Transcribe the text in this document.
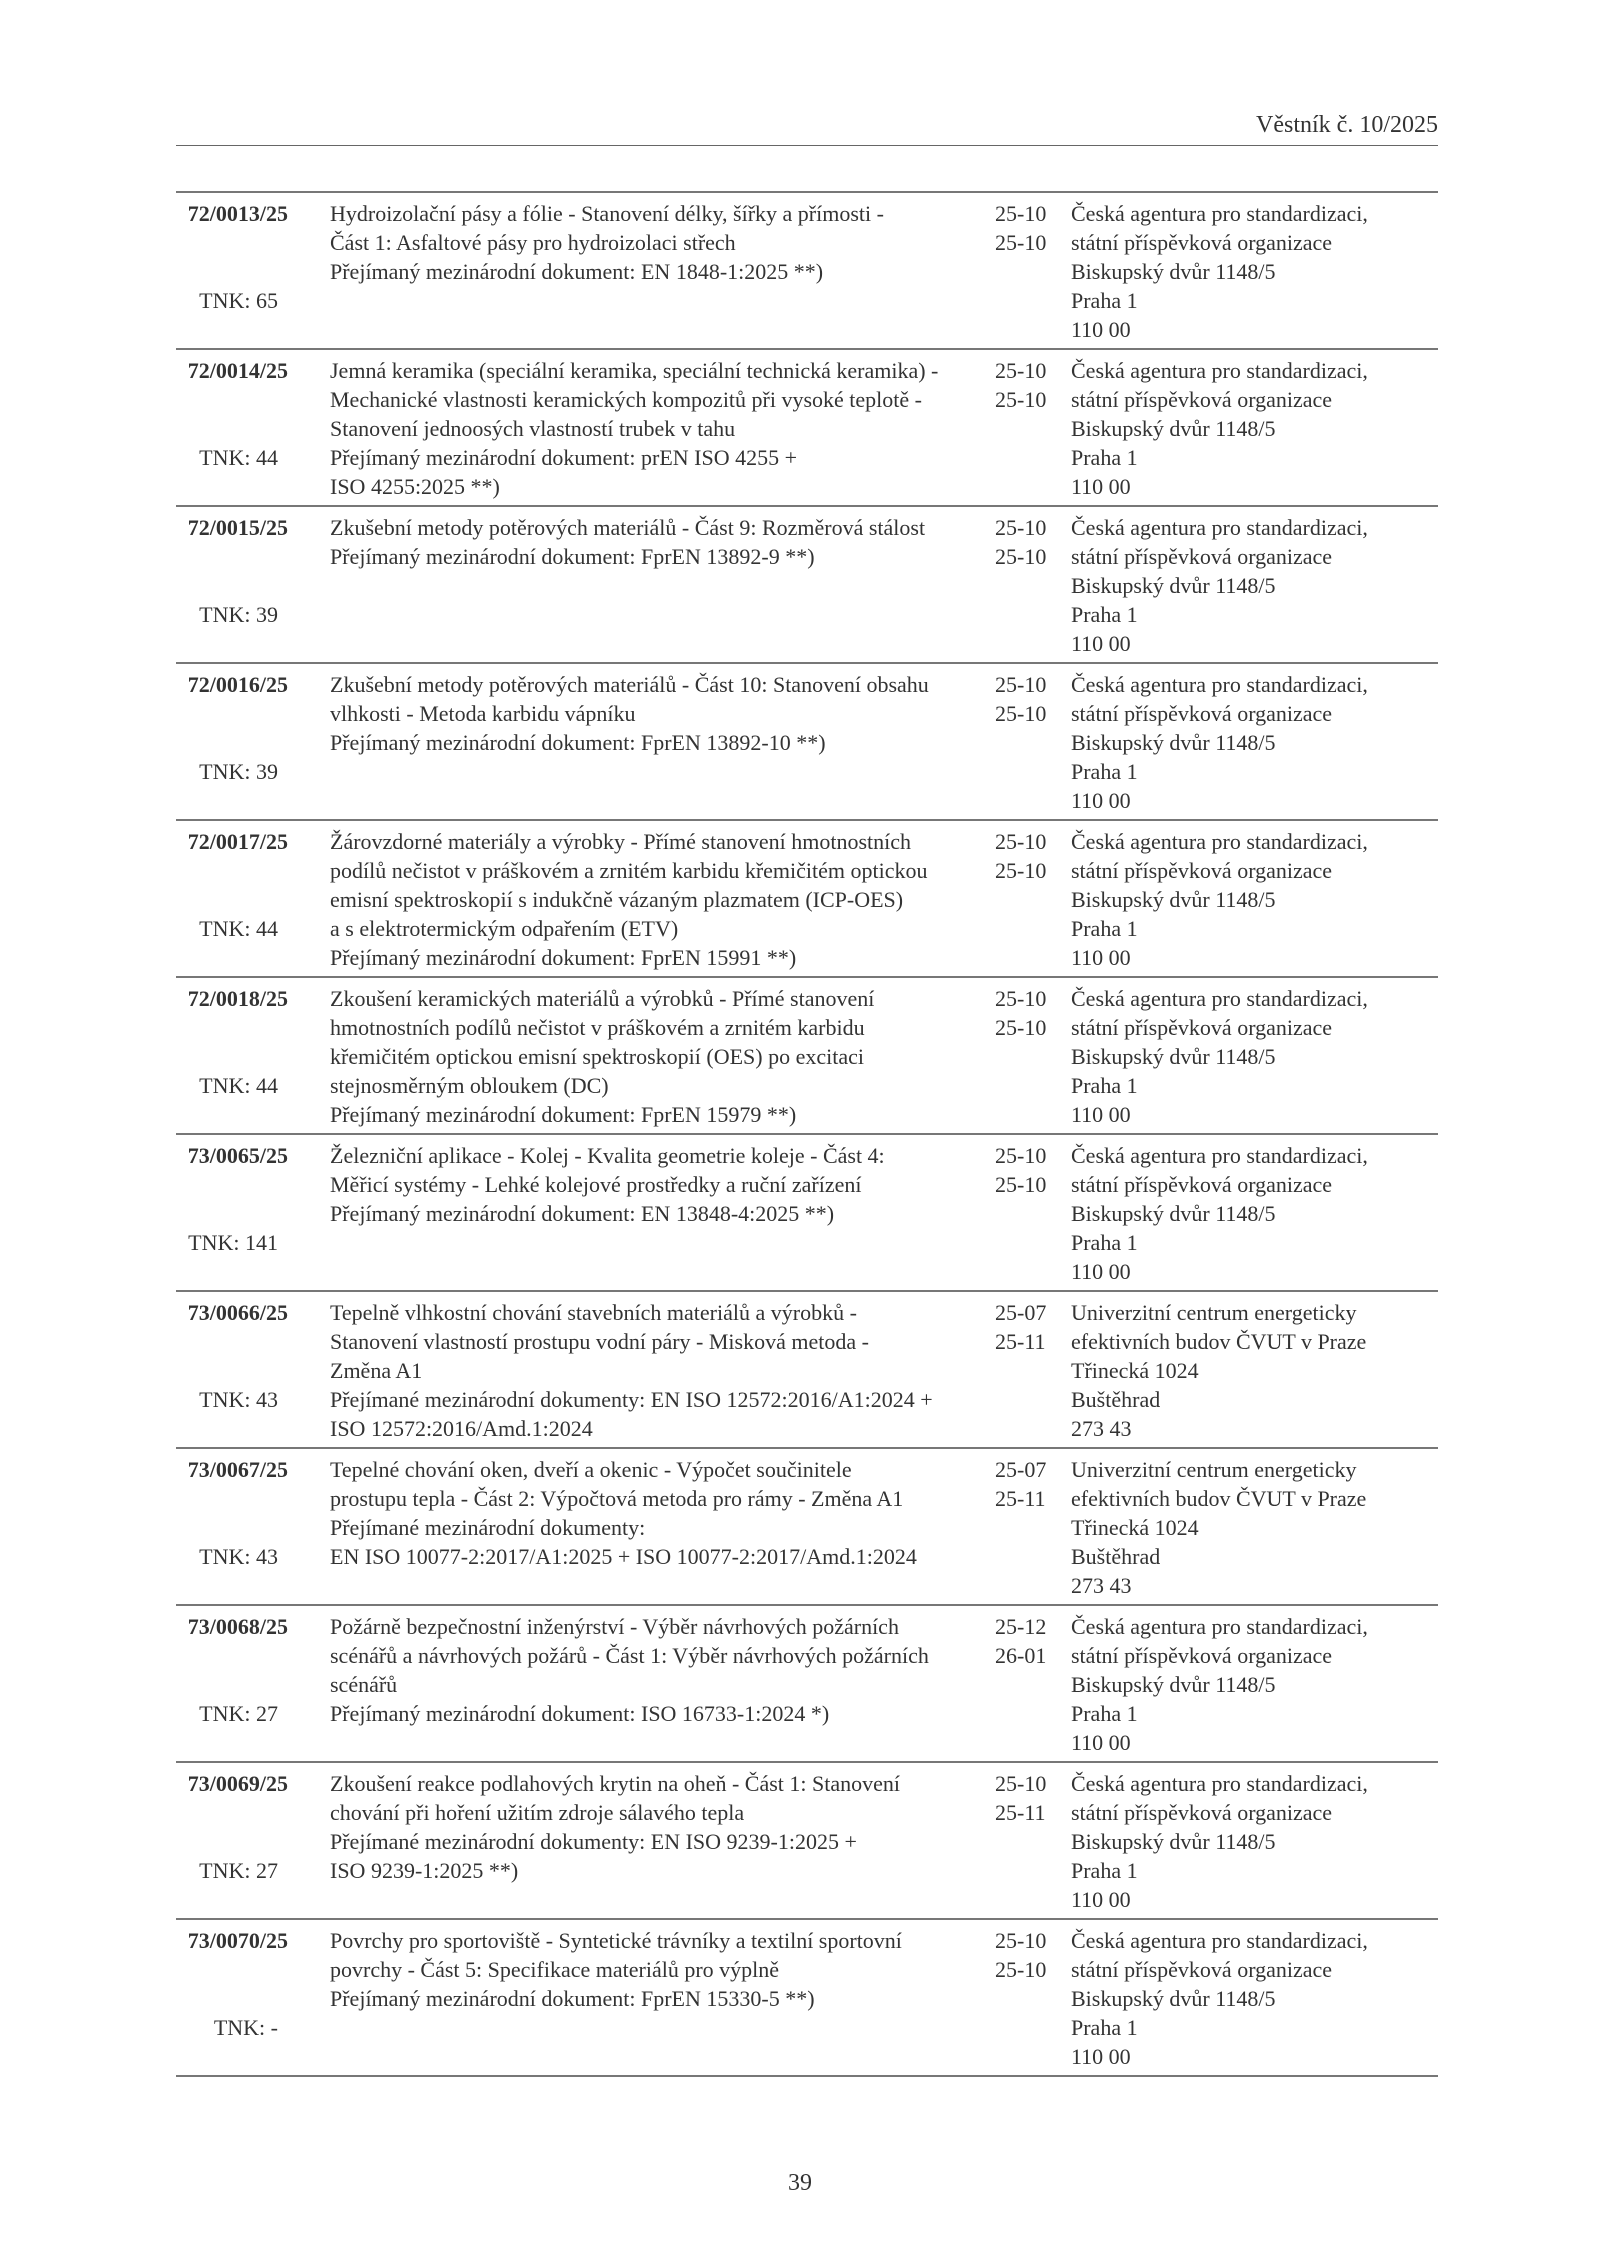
Věstník č. 10/2025
72/0013/25
TNK: 65
Hydroizolační pásy a fólie - Stanovení délky, šířky a přímosti -
Část 1: Asfaltové pásy pro hydroizolaci střech
Přejímaný mezinárodní dokument: EN 1848-1:2025 **)
25-10
25-10
Česká agentura pro standardizaci,
státní příspěvková organizace
Biskupský dvůr 1148/5
Praha 1
110 00
72/0014/25
TNK: 44
Jemná keramika (speciální keramika, speciální technická keramika) -
Mechanické vlastnosti keramických kompozitů při vysoké teplotě -
Stanovení jednoosých vlastností trubek v tahu
Přejímaný mezinárodní dokument: prEN ISO 4255 +
ISO 4255:2025 **)
25-10
25-10
Česká agentura pro standardizaci,
státní příspěvková organizace
Biskupský dvůr 1148/5
Praha 1
110 00
72/0015/25
TNK: 39
Zkušební metody potěrových materiálů - Část 9: Rozměrová stálost
Přejímaný mezinárodní dokument: FprEN 13892-9 **)
25-10
25-10
Česká agentura pro standardizaci,
státní příspěvková organizace
Biskupský dvůr 1148/5
Praha 1
110 00
72/0016/25
TNK: 39
Zkušební metody potěrových materiálů - Část 10: Stanovení obsahu
vlhkosti - Metoda karbidu vápníku
Přejímaný mezinárodní dokument: FprEN 13892-10 **)
25-10
25-10
Česká agentura pro standardizaci,
státní příspěvková organizace
Biskupský dvůr 1148/5
Praha 1
110 00
72/0017/25
TNK: 44
Žárovzdorné materiály a výrobky - Přímé stanovení hmotnostních
podílů nečistot v práškovém a zrnitém karbidu křemičitém optickou
emisní spektroskopií s indukčně vázaným plazmatem (ICP-OES)
a s elektrotermickým odpařením (ETV)
Přejímaný mezinárodní dokument: FprEN 15991 **)
25-10
25-10
Česká agentura pro standardizaci,
státní příspěvková organizace
Biskupský dvůr 1148/5
Praha 1
110 00
72/0018/25
TNK: 44
Zkoušení keramických materiálů a výrobků - Přímé stanovení
hmotnostních podílů nečistot v práškovém a zrnitém karbidu
křemičitém optickou emisní spektroskopií (OES) po excitaci
stejnosměrným obloukem (DC)
Přejímaný mezinárodní dokument: FprEN 15979 **)
25-10
25-10
Česká agentura pro standardizaci,
státní příspěvková organizace
Biskupský dvůr 1148/5
Praha 1
110 00
73/0065/25
TNK: 141
Železniční aplikace - Kolej - Kvalita geometrie koleje - Část 4:
Měřicí systémy - Lehké kolejové prostředky a ruční zařízení
Přejímaný mezinárodní dokument: EN 13848-4:2025 **)
25-10
25-10
Česká agentura pro standardizaci,
státní příspěvková organizace
Biskupský dvůr 1148/5
Praha 1
110 00
73/0066/25
TNK: 43
Tepelně vlhkostní chování stavebních materiálů a výrobků -
Stanovení vlastností prostupu vodní páry - Misková metoda -
Změna A1
Přejímané mezinárodní dokumenty: EN ISO 12572:2016/A1:2024 +
ISO 12572:2016/Amd.1:2024
25-07
25-11
Univerzitní centrum energeticky
efektivních budov ČVUT v Praze
Třinecká 1024
Buštěhrad
273 43
73/0067/25
TNK: 43
Tepelné chování oken, dveří a okenic - Výpočet součinitele
prostupu tepla - Část 2: Výpočtová metoda pro rámy - Změna A1
Přejímané mezinárodní dokumenty:
EN ISO 10077-2:2017/A1:2025 + ISO 10077-2:2017/Amd.1:2024
25-07
25-11
Univerzitní centrum energeticky
efektivních budov ČVUT v Praze
Třinecká 1024
Buštěhrad
273 43
73/0068/25
TNK: 27
Požárně bezpečnostní inženýrství - Výběr návrhových požárních
scénářů a návrhových požárů - Část 1: Výběr návrhových požárních
scénářů
Přejímaný mezinárodní dokument: ISO 16733-1:2024 *)
25-12
26-01
Česká agentura pro standardizaci,
státní příspěvková organizace
Biskupský dvůr 1148/5
Praha 1
110 00
73/0069/25
TNK: 27
Zkoušení reakce podlahových krytin na oheň - Část 1: Stanovení
chování při hoření užitím zdroje sálavého tepla
Přejímané mezinárodní dokumenty: EN ISO 9239-1:2025 +
ISO 9239-1:2025 **)
25-10
25-11
Česká agentura pro standardizaci,
státní příspěvková organizace
Biskupský dvůr 1148/5
Praha 1
110 00
73/0070/25
TNK: -
Povrchy pro sportoviště - Syntetické trávníky a textilní sportovní
povrchy - Část 5: Specifikace materiálů pro výplně
Přejímaný mezinárodní dokument: FprEN 15330-5 **)
25-10
25-10
Česká agentura pro standardizaci,
státní příspěvková organizace
Biskupský dvůr 1148/5
Praha 1
110 00
39
